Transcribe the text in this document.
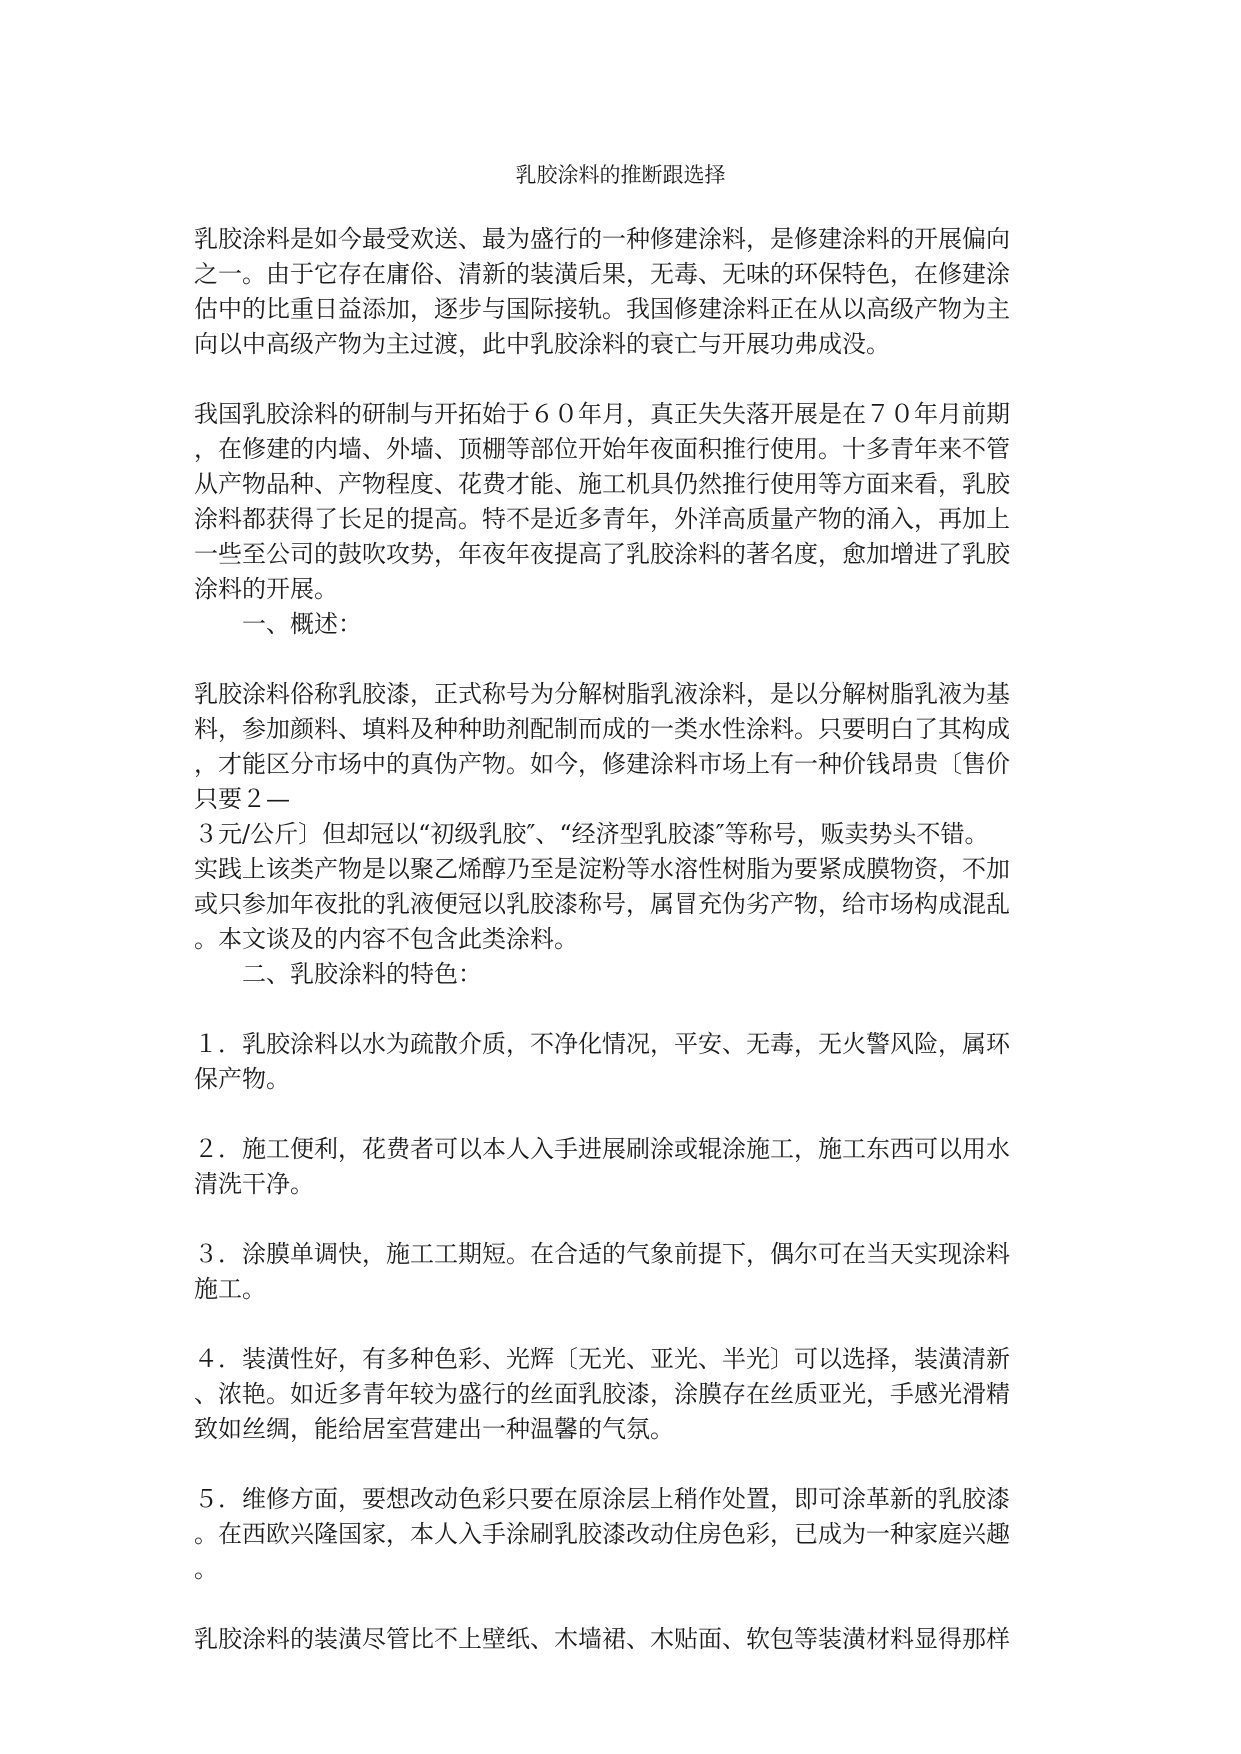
乳胶涂料的推断跟选择
乳胶涂料是如今最受欢送、最为盛行的一种修建涂料，是修建涂料的开展偏向
之一。由于它存在庸俗、清新的装潢后果，无毒、无味的环保特色，在修建涂
估中的比重日益添加，逐步与国际接轨。我国修建涂料正在从以高级产物为主
向以中高级产物为主过渡，此中乳胶涂料的衰亡与开展功弗成没。
我国乳胶涂料的研制与开拓始于６０年月，真正失失落开展是在７０年月前期
，在修建的内墙、外墙、顶棚等部位开始年夜面积推行使用。十多青年来不管
从产物品种、产物程度、花费才能、施工机具仍然推行使用等方面来看，乳胶
涂料都获得了长足的提高。特不是近多青年，外洋高质量产物的涌入，再加上
一些至公司的鼓吹攻势，年夜年夜提高了乳胶涂料的著名度，愈加增进了乳胶
涂料的开展。
一、概述：
乳胶涂料俗称乳胶漆，正式称号为分解树脂乳液涂料，是以分解树脂乳液为基
料，参加颜料、填料及种种助剂配制而成的一类水性涂料。只要明白了其构成
，才能区分市场中的真伪产物。如今，修建涂料市场上有一种价钱昂贵〔售价
只要２—
３元/公斤〕但却冠以“初级乳胶″、“经济型乳胶漆″等称号，贩卖势头不错。
实践上该类产物是以聚乙烯醇乃至是淀粉等水溶性树脂为要紧成膜物资，不加
或只参加年夜批的乳液便冠以乳胶漆称号，属冒充伪劣产物，给市场构成混乱
。本文谈及的内容不包含此类涂料。
二、乳胶涂料的特色：
１．乳胶涂料以水为疏散介质，不净化情况，平安、无毒，无火警风险，属环
保产物。
２．施工便利，花费者可以本人入手进展刷涂或辊涂施工，施工东西可以用水
清洗干净。
３．涂膜单调快，施工工期短。在合适的气象前提下，偶尔可在当天实现涂料
施工。
４．装潢性好，有多种色彩、光辉〔无光、亚光、半光〕可以选择，装潢清新
、浓艳。如近多青年较为盛行的丝面乳胶漆，涂膜存在丝质亚光，手感光滑精
致如丝绸，能给居室营建出一种温馨的气氛。
５．维修方面，要想改动色彩只要在原涂层上稍作处置，即可涂革新的乳胶漆
。在西欧兴隆国家，本人入手涂刷乳胶漆改动住房色彩，已成为一种家庭兴趣
。
乳胶涂料的装潢尽管比不上壁纸、木墙裙、木贴面、软包等装潢材料显得那样
